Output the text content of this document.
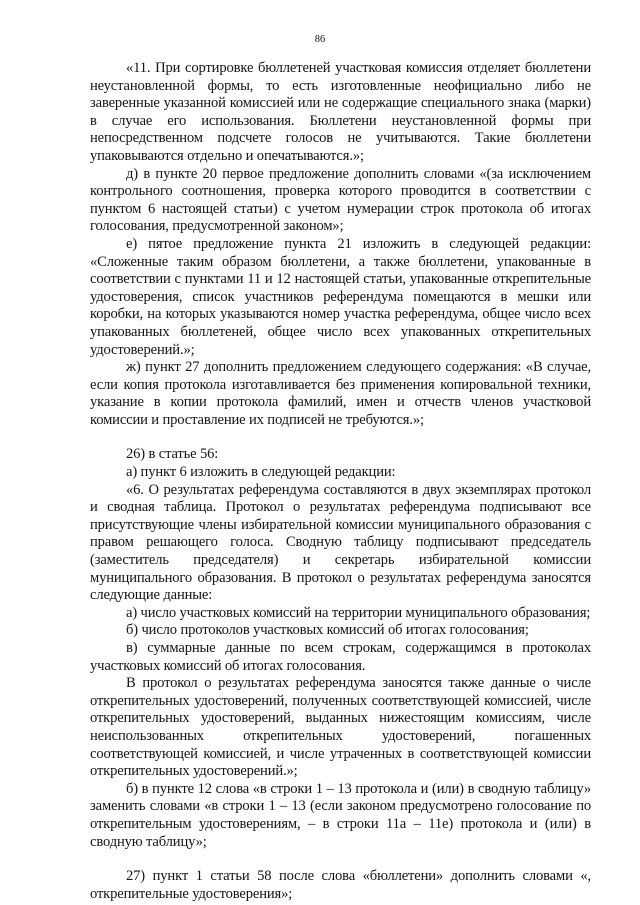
86

«11. При сортировке бюллетеней участковая комиссия отделяет бюллетени неустановленной формы, то есть изготовленные неофициально либо не заверенные указанной комиссией или не содержащие специального знака (марки) в случае его использования. Бюллетени неустановленной формы при непосредственном подсчете голосов не учитываются. Такие бюллетени упаковываются отдельно и опечатываются.»;

д) в пункте 20 первое предложение дополнить словами «(за исключением контрольного соотношения, проверка которого проводится в соответствии с пунктом 6 настоящей статьи) с учетом нумерации строк протокола об итогах голосования, предусмотренной законом»;

е) пятое предложение пункта 21 изложить в следующей редакции: «Сложенные таким образом бюллетени, а также бюллетени, упакованные в соответствии с пунктами 11 и 12 настоящей статьи, упакованные открепительные удостоверения, список участников референдума помещаются в мешки или коробки, на которых указываются номер участка референдума, общее число всех упакованных бюллетеней, общее число всех упакованных открепительных удостоверений.»;

ж) пункт 27 дополнить предложением следующего содержания: «В случае, если копия протокола изготавливается без применения копировальной техники, указание в копии протокола фамилий, имен и отчеств членов участковой комиссии и проставление их подписей не требуются.»;

26) в статье 56:

а) пункт 6 изложить в следующей редакции:

«6. О результатах референдума составляются в двух экземплярах протокол и сводная таблица. Протокол о результатах референдума подписывают все присутствующие члены избирательной комиссии муниципального образования с правом решающего голоса. Сводную таблицу подписывают председатель (заместитель председателя) и секретарь избирательной комиссии муниципального образования. В протокол о результатах референдума заносятся следующие данные:

а) число участковых комиссий на территории муниципального образования;

б) число протоколов участковых комиссий об итогах голосования;

в) суммарные данные по всем строкам, содержащимся в протоколах участковых комиссий об итогах голосования.

В протокол о результатах референдума заносятся также данные о числе открепительных удостоверений, полученных соответствующей комиссией, числе открепительных удостоверений, выданных нижестоящим комиссиям, числе неиспользованных открепительных удостоверений, погашенных соответствующей комиссией, и числе утраченных в соответствующей комиссии открепительных удостоверений.»;

б) в пункте 12 слова «в строки 1 – 13 протокола и (или) в сводную таблицу» заменить словами «в строки 1 – 13 (если законом предусмотрено голосование по открепительным удостоверениям, – в строки 11а – 11е) протокола и (или) в сводную таблицу»;

27) пункт 1 статьи 58 после слова «бюллетени» дополнить словами «, открепительные удостоверения»;
